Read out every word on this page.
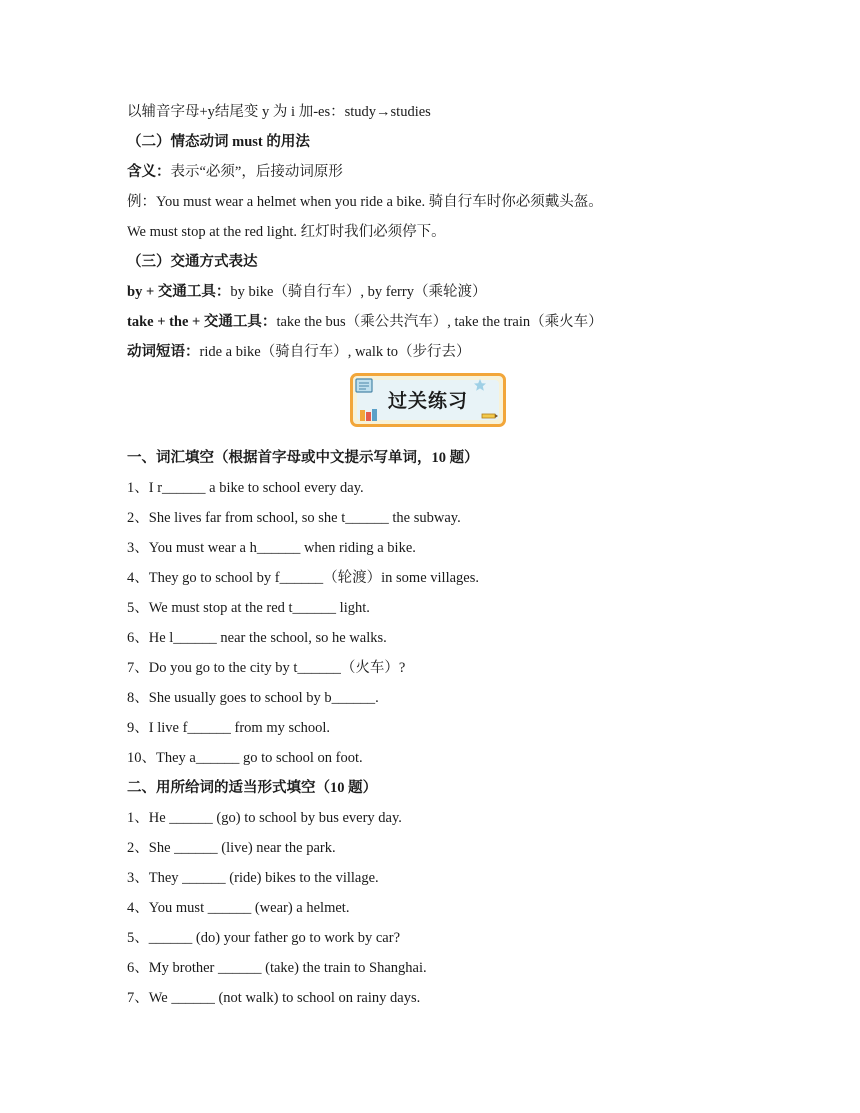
以辅音字母+y结尾变 y 为 i 加-es：study→studies
（二）情态动词 must 的用法
含义：表示“必须”，后接动词原形
例：You must wear a helmet when you ride a bike. 骑自行车时你必须戴头盔。
We must stop at the red light. 红灯时我们必须停下。
（三）交通方式表达
by + 交通工具：by bike（骑自行车）, by ferry（乘轮渡）
take + the + 交通工具：take the bus（乘公共汽车）, take the train（乘火车）
动词短语：ride a bike（骑自行车）, walk to（步行去）
过关练习
一、词汇填空（根据首字母或中文提示写单词，10 题）
1、I r______ a bike to school every day.
2、She lives far from school, so she t______ the subway.
3、You must wear a h______ when riding a bike.
4、They go to school by f______（轮渡）in some villages.
5、We must stop at the red t______ light.
6、He l______ near the school, so he walks.
7、Do you go to the city by t______（火车）?
8、She usually goes to school by b______.
9、I live f______ from my school.
10、They a______ go to school on foot.
二、用所给词的适当形式填空（10 题）
1、He ______ (go) to school by bus every day.
2、She ______ (live) near the park.
3、They ______ (ride) bikes to the village.
4、You must ______ (wear) a helmet.
5、______ (do) your father go to work by car?
6、My brother ______ (take) the train to Shanghai.
7、We ______ (not walk) to school on rainy days.
